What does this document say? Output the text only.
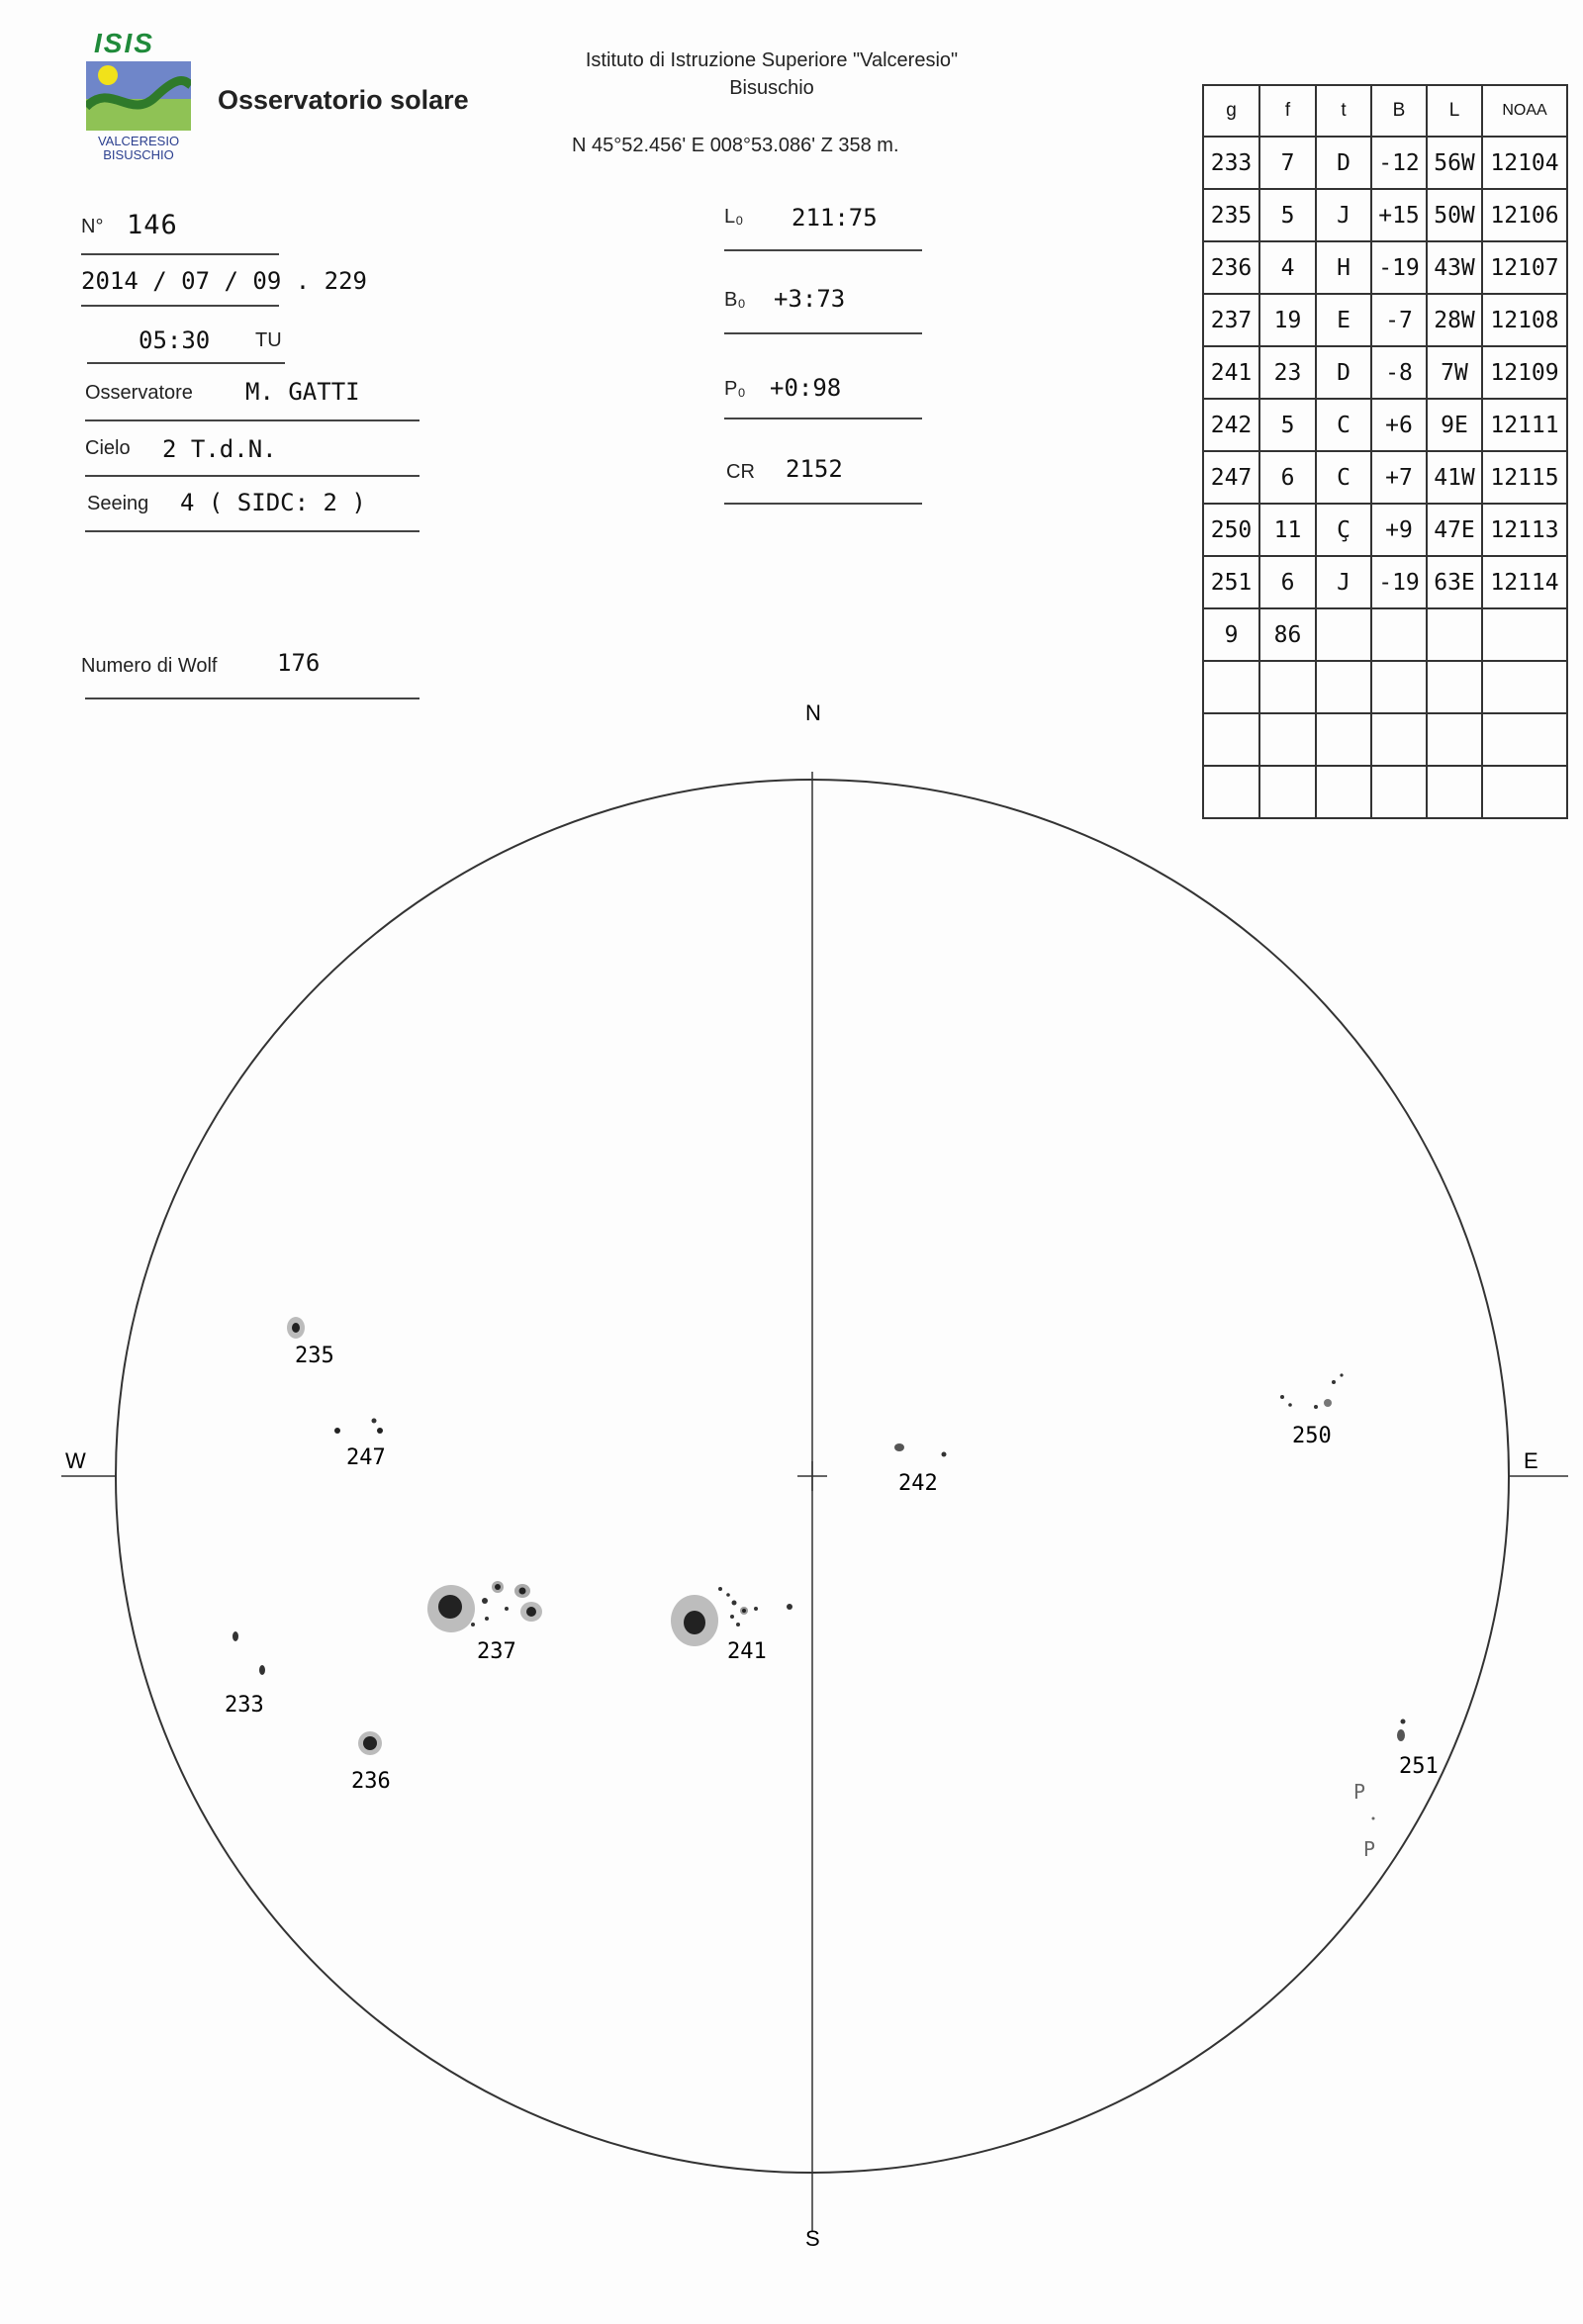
ISIS
VALCERESIO
BISUSCHIO
Osservatorio solare
Istituto di Istruzione Superiore "Valceresio"
Bisuschio
N 45°52.456' E 008°53.086' Z 358 m.
N° 146
2014 / 07 / 09 . 229
05:30 TU
Osservatore M. GATTI
Cielo 2 T.d.N.
Seeing 4 ( SIDC: 2 )
Numero di Wolf	176
L₀ 211:75
B₀ +3:73
P₀ +0:98
CR 2152
g	f	t	B	L	NOAA
233	7	D	-12	56W	12104
235	5	J	+15	50W	12106
236	4	H	-19	43W	12107
237	19	E	-7	28W	12108
241	23	D	-8	7W	12109
242	5	C	+6	9E	12111
247	6	C	+7	41W	12115
250	11	Ç	+9	47E	12113
251	6	J	-19	63E	12114
9	86				

N
S
W	E
235
247
237
233
236
241
242
250
251
P
P
